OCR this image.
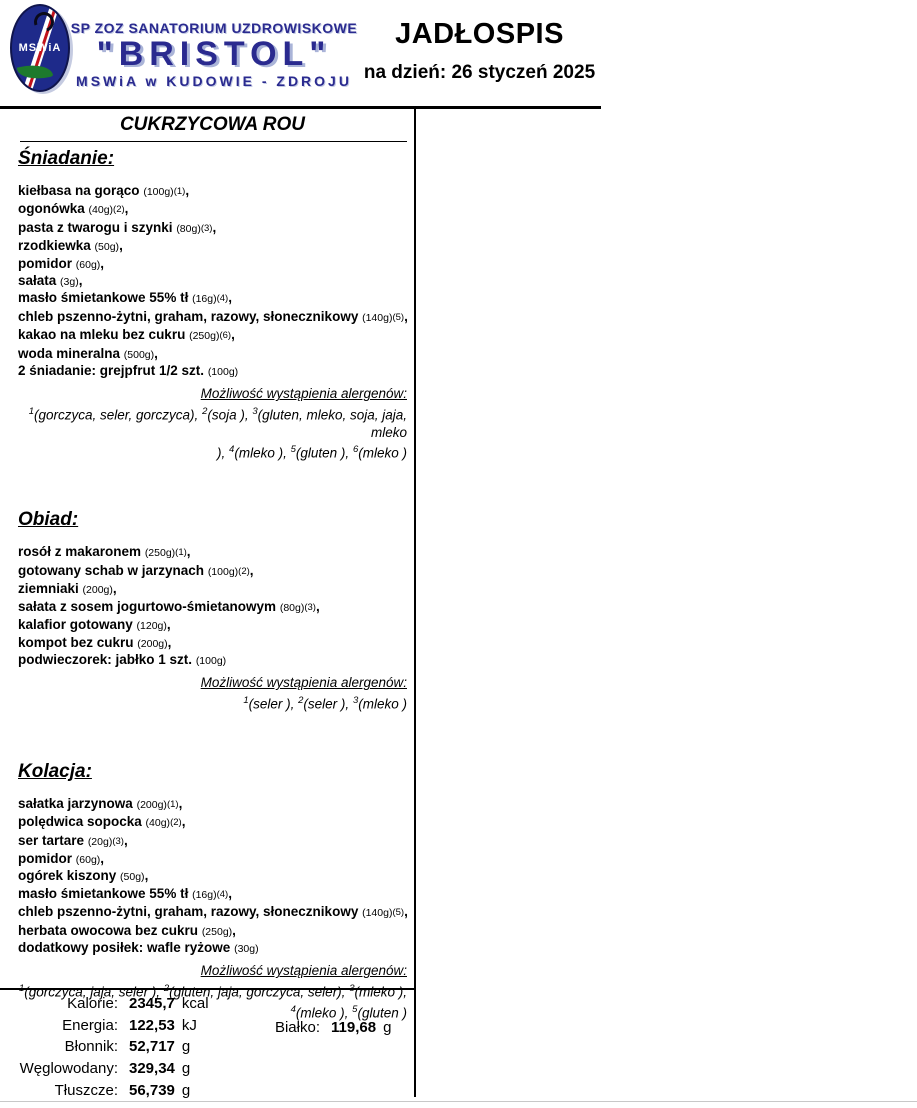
MSWiA
SP ZOZ SANATORIUM UZDROWISKOWE
"BRISTOL"
MSWiA w KUDOWIE - ZDROJU
JADŁOSPIS
na dzień: 26 styczeń 2025
CUKRZYCOWA ROU
Śniadanie:
kiełbasa na gorąco (100g)(1),
ogonówka (40g)(2),
pasta z twarogu i szynki (80g)(3),
rzodkiewka (50g),
pomidor (60g),
sałata (3g),
masło śmietankowe 55% tł (16g)(4),
chleb pszenno-żytni, graham, razowy, słonecznikowy (140g)(5),
kakao na mleku bez cukru (250g)(6),
woda mineralna (500g),
2 śniadanie: grejpfrut 1/2 szt. (100g)
Możliwość wystąpienia alergenów:
$^1$(gorczyca, seler, gorczyca), $^2$(soja ), $^3$(gluten, mleko, soja, jaja, mleko
), $^4$(mleko ), $^5$(gluten ), $^6$(mleko )
Obiad:
rosół z makaronem (250g)(1),
gotowany schab w jarzynach (100g)(2),
ziemniaki (200g),
sałata z sosem jogurtowo-śmietanowym (80g)(3),
kalafior gotowany (120g),
kompot bez cukru (200g),
podwieczorek: jabłko 1 szt. (100g)
Możliwość wystąpienia alergenów:
$^1$(seler ), $^2$(seler ), $^3$(mleko )
Kolacja:
sałatka jarzynowa (200g)(1),
polędwica sopocka (40g)(2),
ser tartare (20g)(3),
pomidor (60g),
ogórek kiszony (50g),
masło śmietankowe 55% tł (16g)(4),
chleb pszenno-żytni, graham, razowy, słonecznikowy (140g)(5),
herbata owocowa bez cukru (250g),
dodatkowy posiłek: wafle ryżowe (30g)
Możliwość wystąpienia alergenów:
$^1$(gorczyca, jaja, seler ), $^2$(gluten, jaja, gorczyca, seler), $^3$(mleko ),
$^4$(mleko ), $^5$(gluten )
Kalorie: 2345,7 kcal
Energia: 122,53 kJ
Błonnik: 52,717 g
Węglowodany: 329,34 g
Tłuszcze: 56,739 g
Białko: 119,68 g
